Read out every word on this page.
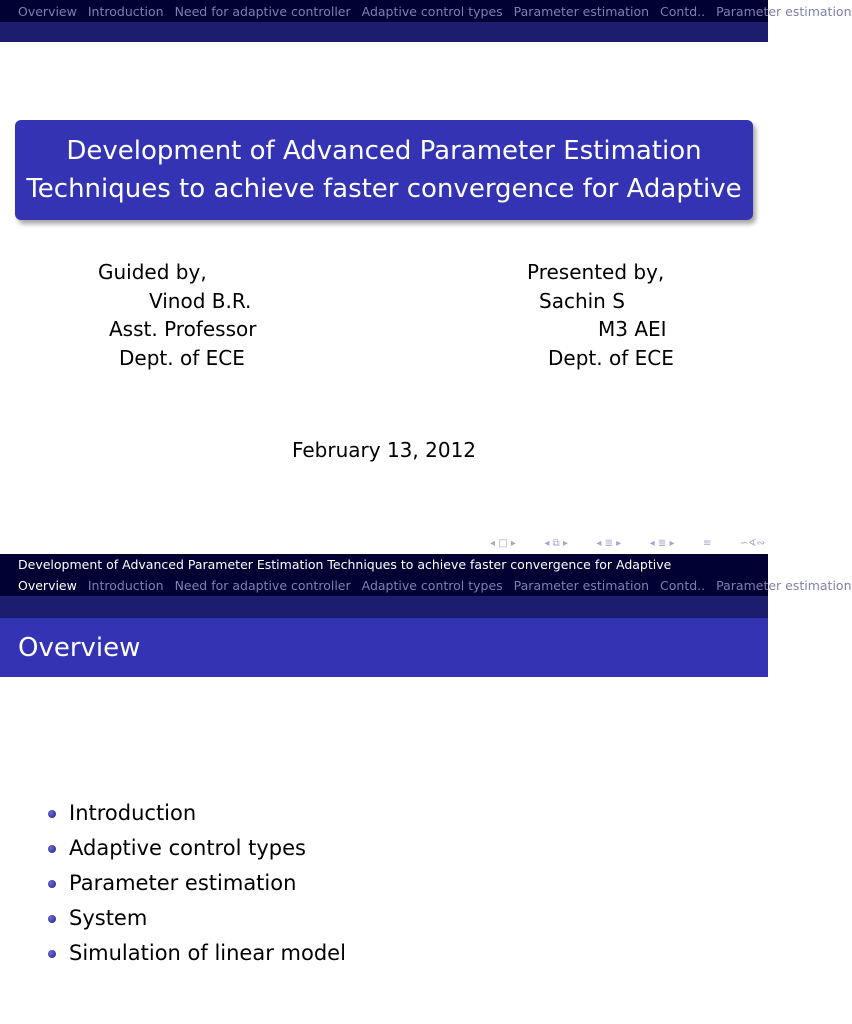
Overview Introduction Need for adaptive controller Adaptive control types Parameter estimation Contd.. Parameter estimation
Development of Advanced Parameter Estimation
Techniques to achieve faster convergence for Adaptive
Guided by,
Vinod B.R.
Asst. Professor
Dept. of ECE
Presented by,
Sachin S
M3 AEI
Dept. of ECE
February 13, 2012
◂ □ ▸	◂ ⧉ ▸	◂ ≣ ▸	◂ ≣ ▸	≡	∽∢∾
Development of Advanced Parameter Estimation Techniques to achieve faster convergence for Adaptive
Overview Introduction Need for adaptive controller Adaptive control types Parameter estimation Contd.. Parameter estimation
Overview
Introduction
Adaptive control types
Parameter estimation
System
Simulation of linear model
